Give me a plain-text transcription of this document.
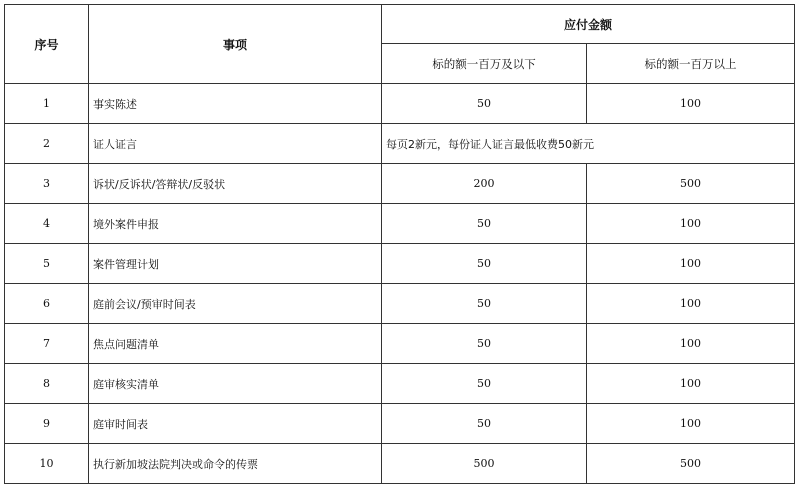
序号	事项	应付金额	
		标的额一百万及以下	标的额一百万以上
1	事实陈述	50	100
2	证人证言	每页2新元，每份证人证言最低收费50新元	
3	诉状/反诉状/答辩状/反驳状	200	500
4	境外案件申报	50	100
5	案件管理计划	50	100
6	庭前会议/预审时间表	50	100
7	焦点问题清单	50	100
8	庭审核实清单	50	100
9	庭审时间表	50	100
10	执行新加坡法院判决或命令的传票	500	500
